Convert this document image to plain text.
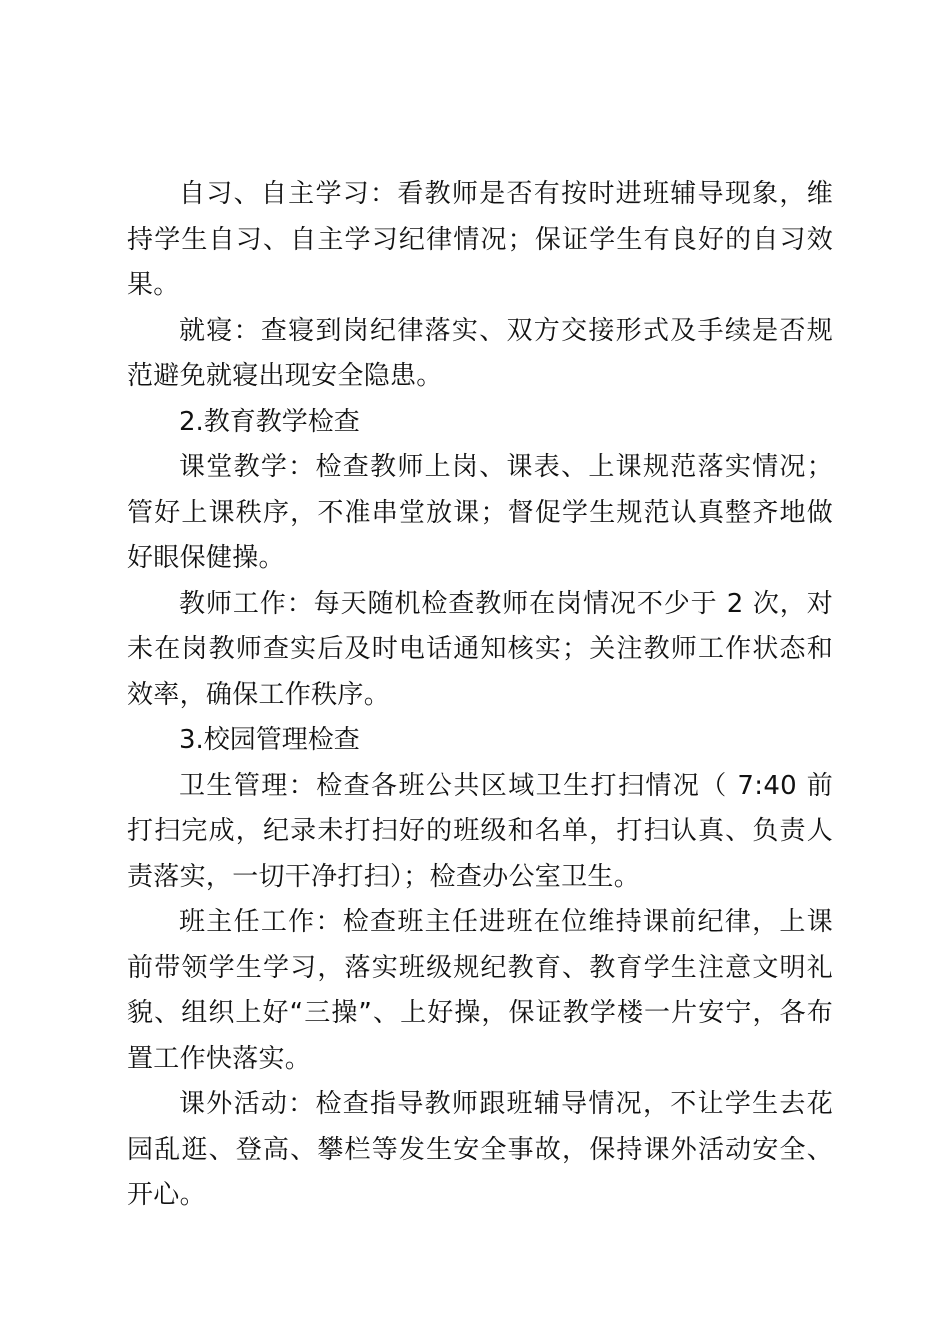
自习、自主学习：看教师是否有按时进班辅导现象，维持学生自习、自主学习纪律情况；保证学生有良好的自习效果。

就寝：查寝到岗纪律落实、双方交接形式及手续是否规范避免就寝出现安全隐患。

2.教育教学检查

课堂教学：检查教师上岗、课表、上课规范落实情况；管好上课秩序，不准串堂放课；督促学生规范认真整齐地做好眼保健操。

教师工作：每天随机检查教师在岗情况不少于 2 次，对未在岗教师查实后及时电话通知核实；关注教师工作状态和效率，确保工作秩序。

3.校园管理检查

卫生管理：检查各班公共区域卫生打扫情况（ 7:40 前打扫完成，纪录未打扫好的班级和名单，打扫认真、负责人责落实，一切干净打扫）；检查办公室卫生。

班主任工作：检查班主任进班在位维持课前纪律，上课前带领学生学习，落实班级规纪教育、教育学生注意文明礼貌、组织上好“三操”、上好操，保证教学楼一片安宁，各布置工作快落实。

课外活动：检查指导教师跟班辅导情况，不让学生去花园乱逛、登高、攀栏等发生安全事故，保持课外活动安全、开心。
